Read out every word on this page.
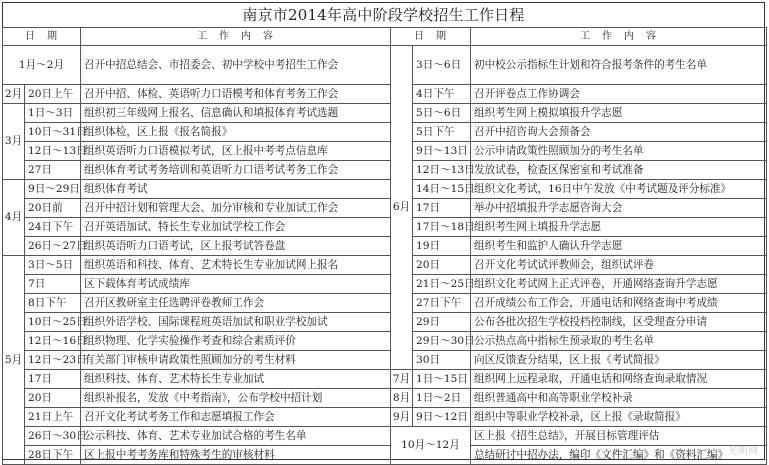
南京市2014年高中阶段学校招生工作日程
日　期		工　作　内　容
1月～2月		召开中招总结会、市招委会、初中学校中考招生工作会
2月	20日上午	召开中招、体检、英语听力口语模考和体育考务工作会
3月	1日～3日	组织初三年级网上报名、信息确认和填报体育考试选题
	10日～31日	组织体检，区上报《报名简报》
	12日～13日	组织英语听力口语模拟考试，区上报中考考点信息库
	27日	组织体育考试考务培训和英语听力口语考试考务工作会
4月	9日～29日	组织体育考试
	20日前	召开中招计划和管理大会、加分审核和专业加试工作会
	24日下午	召开英语加试、特长生专业加试学校工作会
	26日～27日	组织英语听力口语考试，区上报考试答卷盘
5月	3日～5日	组织英语和科技、体育、艺术特长生专业加试网上报名
	7日	区下载体育考试成绩库
	8日下午	召开区教研室主任选聘评卷教师工作会
	10日～25日	组织外语学校、国际课程班英语加试和职业学校加试
	12日～16日	组织物理、化学实验操作考查和综合素质评价
	12日～23日	有关部门审核申请政策性照顾加分的考生材料
	17日	组织科技、体育、艺术特长生专业加试
	20日	组织补报名，发放《中考指南》，公布学校中招计划
	21日上午	召开文化考试考务工作和志愿填报工作会
	26日～30日	公示科技、体育、艺术专业加试合格的考生名单
	28日下午	区上报中考考务库和特殊考生的审核材料
日　期		工　作　内　容
6月	3日～6日	初中校公示指标生计划和符合报考条件的考生名单
	4日下午	召开评卷点工作协调会
	5日～6日	组织考生网上模拟填报升学志愿
	5日下午	召开中招咨询大会预备会
	9日～13日	公示申请政策性照顾加分的考生名单
	12日～13日	发放试卷，检查区保密室和考试准备
	14日～15日	组织文化考试，16日中午发放《中考试题及评分标准》
	17日	举办中招填报升学志愿咨询大会
	17日～18日	组织考生网上填报升学志愿
	19日	组织考生和监护人确认升学志愿
	20日	召开文化考试试评教师会，组织试评卷
	21日～25日	组织文化考试网上正式评卷，开通网络查询升学志愿
	27日下午	召开成绩公布工作会，开通电话和网络查询中考成绩
	29日	公布各批次招生学校投档控制线，区受理查分申请
	29日～30日	公示热点高中指标生预录取的考生名单
	30日	向区反馈查分结果，区上报《考试简报》
7月	1日～15日	组织网上远程录取，开通电话和网络查询录取情况
8月	1日～2日	组织普通高中和高等职业学校补录
9月	9日～12日	组织中等职业学校补录，区上报《录取简报》
10月～12月		区上报《招生总结》，开展目标管理评估
		总结研讨中招办法，编印《文件汇编》和《资料汇编》 光明网
